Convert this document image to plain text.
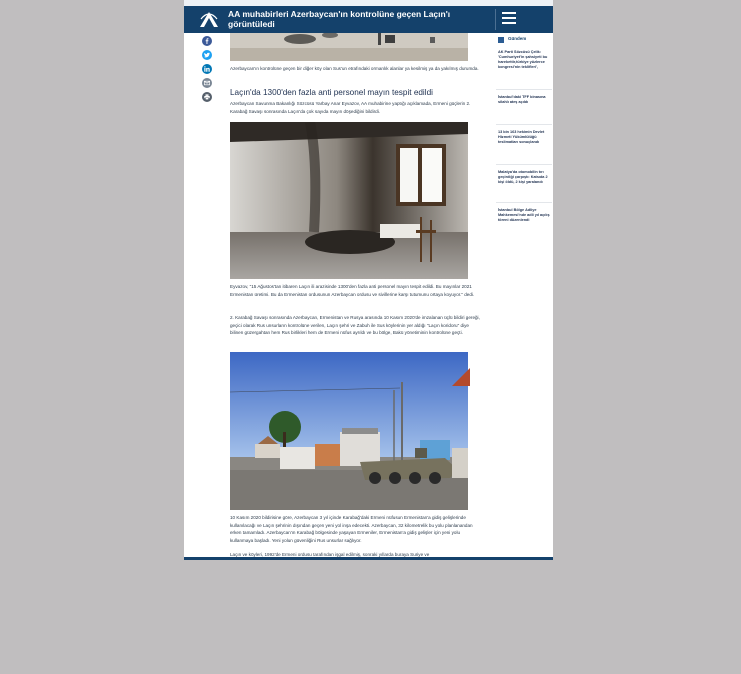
AA muhabirleri Azerbaycan'ın kontrolüne geçen Laçın'ı görüntüledi
Azerbaycan'ın kontrolüne geçen bir diğer köy olan Sus'un etrafındaki ormanlık alanlar ya kesilmiş ya da yakılmış durumda.
Laçın'da 1300'den fazla anti personel mayın tespit edildi
Azerbaycan Savunma Bakanlığı Sözcüsü Yarbay Anar Eyvazov, AA muhabirine yaptığı açıklamada, Ermeni güçlerin 2. Karabağ Savaşı sonrasında Laçın'da çok sayıda mayın döşediğini bildirdi.
Eyvazov, "15 Ağustos'tan itibaren Laçın ili arazisinde 1300'den fazla anti personel mayın tespit edildi. Bu mayınlar 2021 Ermenistan üretimi. Bu da Ermenistan ordusunun Azerbaycan ordusu ve sivillerine karşı tutumunu ortaya koyuyor." dedi.
2. Karabağ Savaşı sonrasında Azerbaycan, Ermenistan ve Rusya arasında 10 Kasım 2020'de imzalanan üçlü bildiri gereği, geçici olarak Rus unsurların kontrolüne verilen, Laçın şehri ve Zabuh ile Sus köylerinin yer aldığı "Laçın koridoru" diye bilinen güzergahtan hem Rus birlikleri hem de Ermeni nüfus ayrıldı ve bu bölge, Bakü yönetiminin kontrolüne geçti.
10 Kasım 2020 bildirisine göre, Azerbaycan 3 yıl içinde Karabağ'daki Ermeni nüfusun Ermenistan'a gidiş gelişlerinde kullanılacağı ve Laçın şehrinin dışından geçen yeni yol inşa edecekti. Azerbaycan, 32 kilometrelik bu yolu planlanandan erken tamamladı. Azerbaycan'ın Karabağ bölgesinde yaşayan Ermeniler, Ermenistan'a gidiş gelişler için yeni yolu kullanmaya başladı. Yeni yolun güvenliğini Rus unsurlar sağlıyor.
Laçın ve köyleri, 1992'de Ermeni ordusu tarafından işgal edilmiş, sonraki yıllarda buraya Suriye ve
Gündem
AK Parti Sözcüsü Çelik: 'Cumhuriyet'in şahsiyeti bu harekettir,türkiye yüzlerce kongresi'nin teklifleri',
İstanbul'daki TFF binasına silahlı ateş açıldı
13 bin 163 hekimin Devlet Hizmeti Yükümlülüğü teslimatları sonuçlandı
Malatya'da otomobilin tırı geçirdiği çarpıştı: Katsıda 2 kişi öldü, 2 kişi yaralandı
İstanbul Bölge Adliye Mahkemesi'nde adli yıl açılış töreni düzenlendi
